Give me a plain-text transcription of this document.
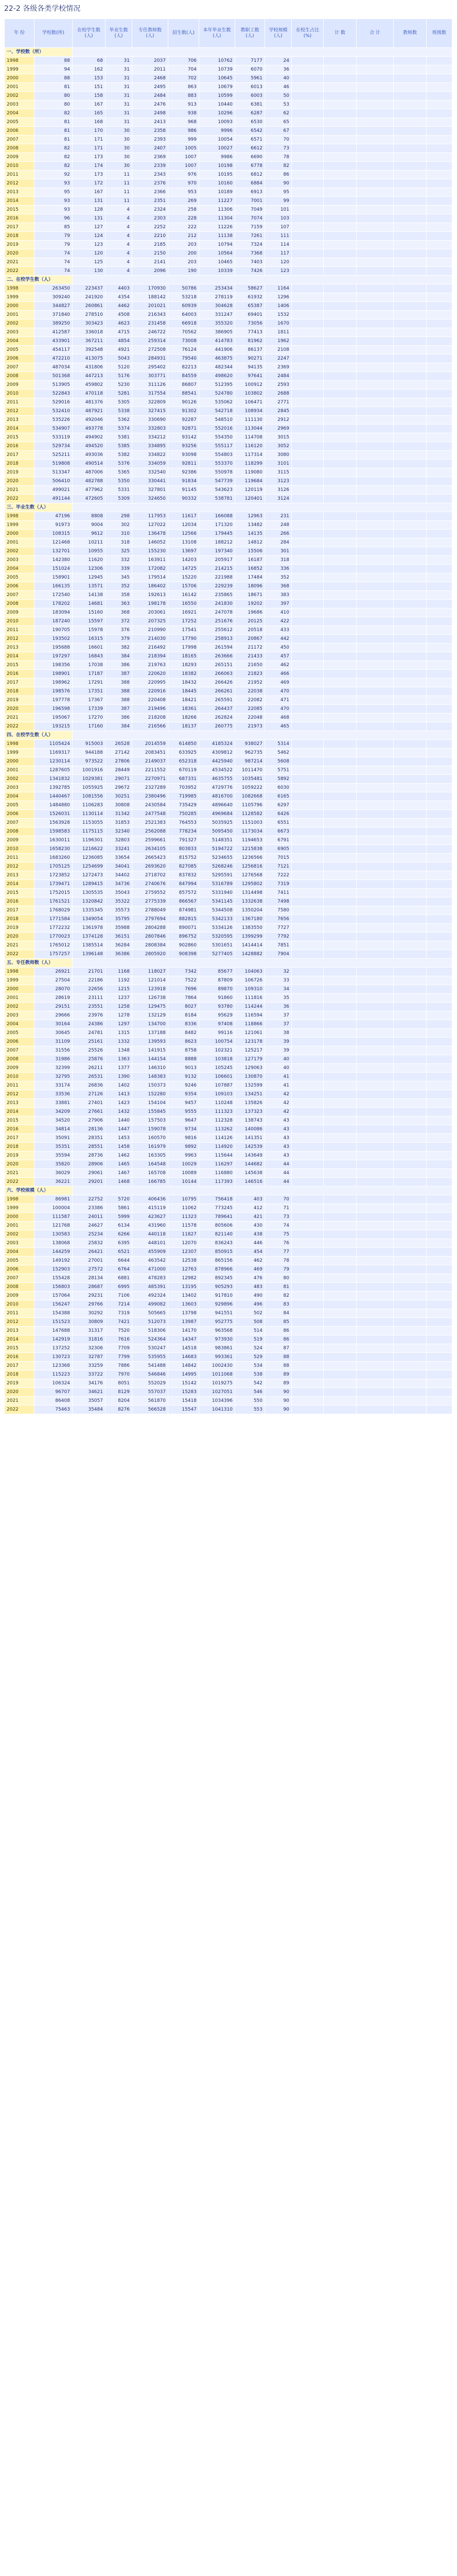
22-2 各级各类学校情况
年 份	学校数(所)	在校学生数(人)	毕业生数(人)	专任教师数(人)	招生数(人)	本年毕业生数(人)	教职工数(人)	学校规模(人)	在校生占比(%)	计 数	合 计	教师数	班级数
一、学校数（所）													
1998	88	68	31	2037	706	10762	7177	24					
1999	94	162	31	2011	704	10739	6070	36					
2000	88	153	31	2468	702	10645	5961	40					
2001	81	151	31	2495	863	10679	6013	46					
2002	80	158	31	2484	883	10599	6003	50					
2003	80	167	31	2476	913	10440	6381	53					
2004	82	165	31	2498	938	10296	6287	62					
2005	81	168	31	2413	968	10093	6530	65					
2006	81	170	30	2358	986	9996	6542	67					
2007	81	171	30	2393	999	10054	6571	70					
2008	82	171	30	2407	1005	10027	6612	73					
2009	82	173	30	2369	1007	9986	6690	78					
2010	82	174	30	2339	1007	10198	6778	82					
2011	92	173	11	2343	976	10195	6812	86					
2012	93	172	11	2376	970	10160	6884	90					
2013	95	167	11	2366	953	10189	6913	95					
2014	93	131	11	2351	269	11227	7001	99					
2015	93	128	4	2324	258	11306	7049	101					
2016	96	131	4	2303	228	11304	7074	103					
2017	85	127	4	2252	222	11226	7159	107					
2018	79	124	4	2210	212	11138	7261	111					
2019	79	123	4	2185	203	10794	7324	114					
2020	74	120	4	2150	200	10564	7368	117					
2021	74	125	4	2141	203	10465	7403	120					
2022	74	130	4	2096	190	10339	7426	123					
二、在校学生数（人）													
1998	263450	223437	4403	170930	50786	253434	58627	1164					
1999	309240	241920	4354	188142	53218	278119	61932	1296					
2000	344827	260861	4462	201021	60939	304628	65387	1406					
2001	371840	278510	4508	216343	64003	331247	69401	1532					
2002	389250	303423	4623	231458	66918	355320	73056	1670					
2003	412587	336018	4715	246722	70562	386905	77413	1811					
2004	433901	367211	4854	259314	73008	414783	81962	1962					
2005	454117	392548	4921	272508	76124	441906	86137	2108					
2006	472210	413075	5043	284931	79540	463875	90271	2247					
2007	487034	431806	5120	295402	82213	482344	94135	2369					
2008	501368	447213	5176	303771	84559	498620	97641	2484					
2009	513905	459802	5230	311126	86807	512395	100912	2593					
2010	522843	470118	5281	317554	88541	524780	103802	2688					
2011	529016	481376	5305	322809	90126	535062	106471	2771					
2012	532410	487921	5338	327415	91302	542718	108934	2845					
2013	535226	492046	5362	330690	92287	548510	111130	2912					
2014	534907	493778	5374	332803	92871	552016	113044	2969					
2015	533119	494902	5381	334212	93142	554350	114708	3015					
2016	529734	494520	5385	334895	93256	555117	116120	3052					
2017	525211	493036	5382	334822	93098	554803	117314	3080					
2018	519808	490514	5376	334059	92811	553370	118299	3101					
2019	513347	487006	5365	332540	92386	550978	119080	3115					
2020	506410	482788	5350	330441	91834	547739	119684	3123					
2021	499021	477962	5331	327801	91145	543623	120119	3126					
2022	491144	472605	5309	324650	90332	538781	120401	3124					
三、毕业生数（人）													
1998	47196	8808	298	117953	11617	166088	12963	231					
1999	91973	9004	302	127022	12034	171320	13482	248					
2000	108315	9612	310	136478	12566	179445	14135	266					
2001	121468	10211	318	146052	13108	188212	14812	284					
2002	132701	10955	325	155230	13697	197340	15506	301					
2003	142380	11620	332	163911	14203	205917	16187	318					
2004	151024	12306	339	172082	14725	214215	16852	336					
2005	158901	12945	345	179514	15220	221988	17484	352					
2006	166135	13571	352	186402	15706	229239	18096	368					
2007	172540	14138	358	192613	16142	235865	18671	383					
2008	178202	14681	363	198178	16550	241830	19202	397					
2009	183094	15160	368	203061	16921	247078	19686	410					
2010	187240	15597	372	207325	17252	251676	20125	422					
2011	190705	15978	376	210990	17541	255612	20518	433					
2012	193502	16315	379	214030	17790	258913	20867	442					
2013	195688	16601	382	216492	17998	261594	21172	450					
2014	197297	16843	384	218394	18165	263666	21433	457					
2015	198356	17038	386	219763	18293	265151	21650	462					
2016	198901	17187	387	220620	18382	266063	21823	466					
2017	198962	17291	388	220995	18432	266426	21952	469					
2018	198576	17351	388	220916	18445	266261	22038	470					
2019	197778	17367	388	220408	18421	265591	22082	471					
2020	196598	17339	387	219496	18361	264437	22085	470					
2021	195067	17270	386	218208	18266	262824	22048	468					
2022	193215	17160	384	216566	18137	260775	21973	465					
四、在校学生数（人）													
1998	1105424	915003	26528	2014559	614850	4185324	938027	5314					
1999	1169317	944188	27142	2083451	633925	4309812	962735	5462					
2000	1230114	973522	27806	2149037	652318	4425940	987214	5608					
2001	1287605	1001916	28449	2211552	670119	4534522	1011470	5751					
2002	1341832	1029381	29071	2270971	687331	4635755	1035481	5892					
2003	1392785	1055925	29672	2327289	703952	4729776	1059222	6030					
2004	1440467	1081556	30251	2380496	719985	4816700	1082668	6165					
2005	1484880	1106283	30808	2430584	735429	4896640	1105796	6297					
2006	1526031	1130114	31342	2477548	750285	4969684	1128582	6426					
2007	1563928	1153055	31853	2521383	764553	5035925	1151003	6551					
2008	1598583	1175115	32340	2562088	778234	5095450	1173034	6673					
2009	1630011	1196301	32803	2599661	791327	5148351	1194653	6791					
2010	1658230	1216622	33241	2634105	803833	5194722	1215838	6905					
2011	1683260	1236085	33654	2665423	815752	5234655	1236566	7015					
2012	1705125	1254699	34041	2693620	827085	5268246	1256816	7121					
2013	1723852	1272473	34402	2718702	837832	5295591	1276568	7222					
2014	1739471	1289415	34736	2740676	847994	5316789	1295802	7319					
2015	1752015	1305535	35043	2759552	857572	5331940	1314498	7411					
2016	1761521	1320842	35322	2775339	866567	5341145	1332638	7498					
2017	1768029	1335345	35573	2788049	874981	5344508	1350204	7580					
2018	1771584	1349054	35795	2797694	882815	5342133	1367180	7656					
2019	1772232	1361978	35988	2804288	890071	5334126	1383550	7727					
2020	1770023	1374128	36151	2807846	896752	5320595	1399299	7792					
2021	1765012	1385514	36284	2808384	902860	5301651	1414414	7851					
2022	1757257	1396148	36386	2805920	908398	5277405	1428882	7904					
五、专任教师数（人）													
1998	26921	21701	1168	118027	7342	85677	104063	32					
1999	27504	22186	1192	121014	7522	87809	106726	33					
2000	28070	22656	1215	123918	7696	89870	109310	34					
2001	28619	23111	1237	126738	7864	91860	111816	35					
2002	29151	23551	1258	129475	8027	93780	114244	36					
2003	29666	23976	1278	132129	8184	95629	116594	37					
2004	30164	24386	1297	134700	8336	97408	118866	37					
2005	30645	24781	1315	137188	8482	99116	121061	38					
2006	31109	25161	1332	139593	8623	100754	123178	39					
2007	31556	25526	1348	141915	8758	102321	125217	39					
2008	31986	25876	1363	144154	8888	103818	127179	40					
2009	32399	26211	1377	146310	9013	105245	129063	40					
2010	32795	26531	1390	148383	9132	106601	130870	41					
2011	33174	26836	1402	150373	9246	107887	132599	41					
2012	33536	27126	1413	152280	9354	109103	134251	42					
2013	33881	27401	1423	154104	9457	110248	135826	42					
2014	34209	27661	1432	155845	9555	111323	137323	42					
2015	34520	27906	1440	157503	9647	112328	138743	43					
2016	34814	28136	1447	159078	9734	113262	140086	43					
2017	35091	28351	1453	160570	9816	114126	141351	43					
2018	35351	28551	1458	161979	9892	114920	142539	43					
2019	35594	28736	1462	163305	9963	115644	143649	43					
2020	35820	28906	1465	164548	10029	116297	144682	44					
2021	36029	29061	1467	165708	10089	116880	145638	44					
2022	36221	29201	1468	166785	10144	117393	146516	44					
六、学校规模（人）													
1998	86981	22752	5720	406436	10795	756418	403	70					
1999	100004	23386	5861	415119	11062	773245	412	71					
2000	111587	24011	5999	423627	11323	789641	421	73					
2001	121768	24627	6134	431960	11578	805606	430	74					
2002	130583	25234	6266	440118	11827	821140	438	75					
2003	138068	25832	6395	448101	12070	836243	446	76					
2004	144259	26421	6521	455909	12307	850915	454	77					
2005	149192	27001	6644	463542	12538	865156	462	78					
2006	152903	27572	6764	471000	12763	878966	469	79					
2007	155428	28134	6881	478283	12982	892345	476	80					
2008	156803	28687	6995	485391	13195	905293	483	81					
2009	157064	29231	7106	492324	13402	917810	490	82					
2010	156247	29766	7214	499082	13603	929896	496	83					
2011	154388	30292	7319	505665	13798	941551	502	84					
2012	151523	30809	7421	512073	13987	952775	508	85					
2013	147688	31317	7520	518306	14170	963568	514	86					
2014	142919	31816	7616	524364	14347	973930	519	86					
2015	137252	32306	7709	530247	14518	983861	524	87					
2016	130723	32787	7799	535955	14683	993361	529	88					
2017	123368	33259	7886	541488	14842	1002430	534	88					
2018	115223	33722	7970	546846	14995	1011068	538	89					
2019	106324	34176	8051	552029	15142	1019275	542	89					
2020	96707	34621	8129	557037	15283	1027051	546	90					
2021	86408	35057	8204	561870	15418	1034396	550	90					
2022	75463	35484	8276	566528	15547	1041310	553	90					
